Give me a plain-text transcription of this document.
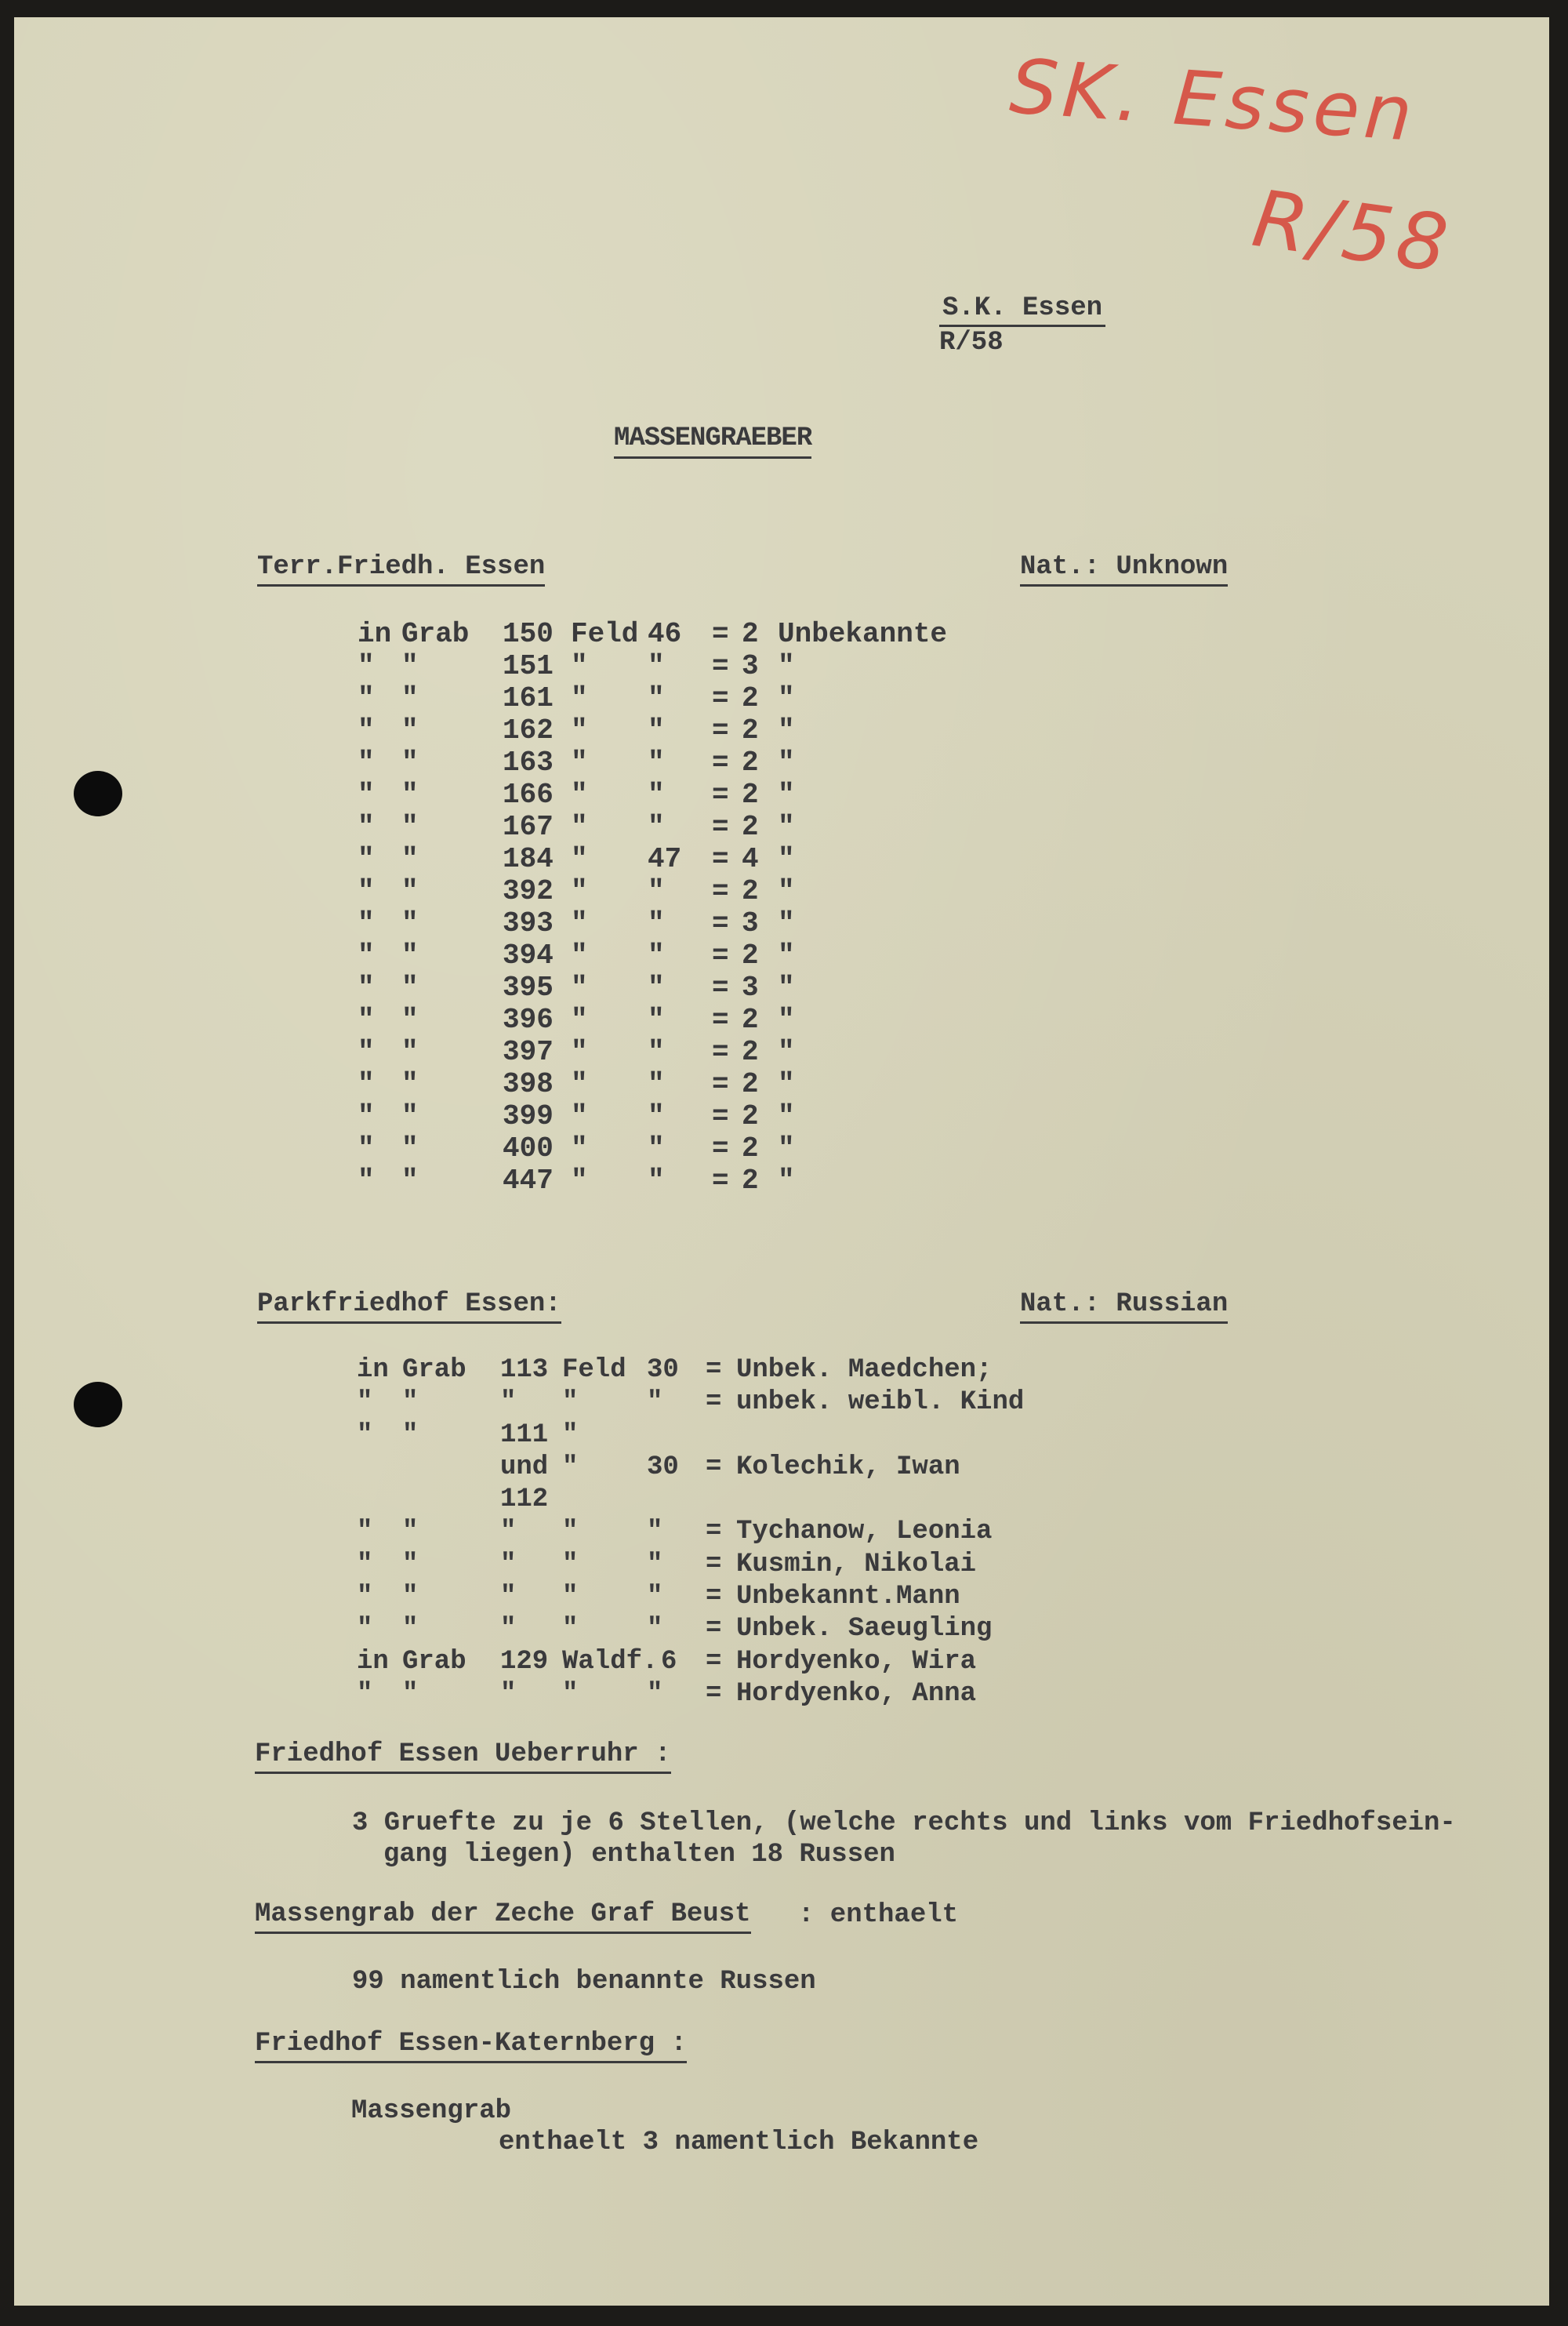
SK. Essen
R/58
S.K. Essen
R/58
MASSENGRAEBER
Terr.Friedh. Essen	Nat.: Unknown
in Grab 150 Feld 46 = 2 Unbekannte
" "	151 " " = 3 "
" "	161 " " = 2 "
" "	162 " " = 2 "
" "	163 " " = 2 "
" "	166 " " = 2 "
" "	167 " " = 2 "
" "	184 " 47 = 4 "
" "	392 " " = 2 "
" "	393 " " = 3 "
" "	394 " " = 2 "
" "	395 " " = 3 "
" "	396 " " = 2 "
" "	397 " " = 2 "
" "	398 " " = 2 "
" "	399 " " = 2 "
" "	400 " " = 2 "
" "	447 " " = 2 "
Parkfriedhof Essen:	Nat.: Russian
in Grab 113 Feld 30 = Unbek. Maedchen;
" "	" "	" = unbek. weibl. Kind
" "	111 "
und "	30 = Kolechik, Iwan
112
" "	" "	" = Tychanow, Leonia
" "	" "	" = Kusmin, Nikolai
" "	" "	" = Unbekannt.Mann
" "	" "	" = Unbek. Saeugling
in Grab 129 Waldf. 6 = Hordyenko, Wira
" "	" "	" = Hordyenko, Anna
Friedhof Essen Ueberruhr :
3 Gruefte zu je 6 Stellen, (welche rechts und links vom Friedhofsein-
gang liegen) enthalten 18 Russen
Massengrab der Zeche Graf Beust : enthaelt
99 namentlich benannte Russen
Friedhof Essen-Katernberg :
Massengrab
enthaelt 3 namentlich Bekannte
